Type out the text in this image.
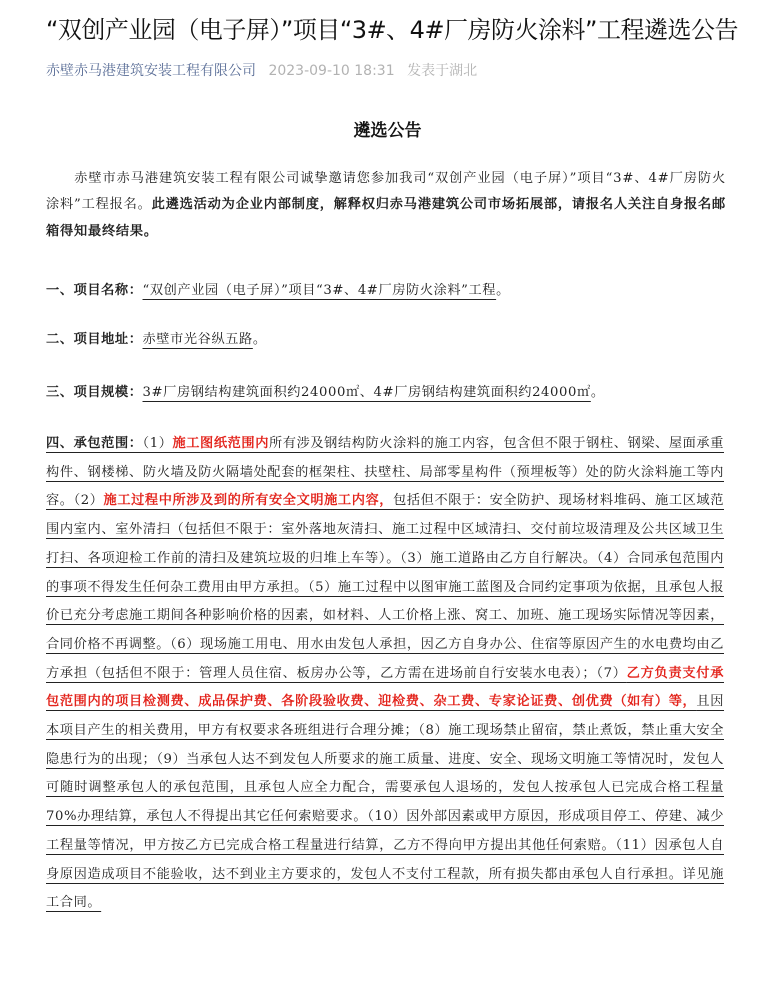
“双创产业园（电子屏）”项目“3#、4#厂房防火涂料”工程遴选公告
赤壁赤马港建筑安装工程有限公司 2023-09-10 18:31 发表于湖北
遴选公告
　　赤壁市赤马港建筑安装工程有限公司诚挚邀请您参加我司“双创产业园（电子屏）”项目“3#、4#厂房防火涂料”工程报名。此遴选活动为企业内部制度，解释权归赤马港建筑公司市场拓展部，请报名人关注自身报名邮箱得知最终结果。
一、项目名称：“双创产业园（电子屏）”项目“3#、4#厂房防火涂料”工程。
二、项目地址：赤壁市光谷纵五路。
三、项目规模：3#厂房钢结构建筑面积约24000㎡、4#厂房钢结构建筑面积约24000㎡。
四、承包范围：（1）施工图纸范围内所有涉及钢结构防火涂料的施工内容，包含但不限于钢柱、钢梁、屋面承重构件、钢楼梯、防火墙及防火隔墙处配套的框架柱、扶壁柱、局部零星构件（预埋板等）处的防火涂料施工等内容。（2）施工过程中所涉及到的所有安全文明施工内容，包括但不限于：安全防护、现场材料堆码、施工区域范围内室内、室外清扫（包括但不限于：室外落地灰清扫、施工过程中区域清扫、交付前垃圾清理及公共区域卫生打扫、各项迎检工作前的清扫及建筑垃圾的归堆上车等）。（3）施工道路由乙方自行解决。（4）合同承包范围内的事项不得发生任何杂工费用由甲方承担。（5）施工过程中以图审施工蓝图及合同约定事项为依据，且承包人报价已充分考虑施工期间各种影响价格的因素，如材料、人工价格上涨、窝工、加班、施工现场实际情况等因素，合同价格不再调整。（6）现场施工用电、用水由发包人承担，因乙方自身办公、住宿等原因产生的水电费均由乙方承担（包括但不限于：管理人员住宿、板房办公等，乙方需在进场前自行安装水电表）；（7）乙方负责支付承包范围内的项目检测费、成品保护费、各阶段验收费、迎检费、杂工费、专家论证费、创优费（如有）等，且因本项目产生的相关费用，甲方有权要求各班组进行合理分摊；（8）施工现场禁止留宿，禁止煮饭，禁止重大安全隐患行为的出现；（9）当承包人达不到发包人所要求的施工质量、进度、安全、现场文明施工等情况时，发包人可随时调整承包人的承包范围，且承包人应全力配合，需要承包人退场的，发包人按承包人已完成合格工程量70%办理结算，承包人不得提出其它任何索赔要求。（10）因外部因素或甲方原因，形成项目停工、停建、减少工程量等情况，甲方按乙方已完成合格工程量进行结算，乙方不得向甲方提出其他任何索赔。（11）因承包人自身原因造成项目不能验收，达不到业主方要求的，发包人不支付工程款，所有损失都由承包人自行承担。详见施工合同。
